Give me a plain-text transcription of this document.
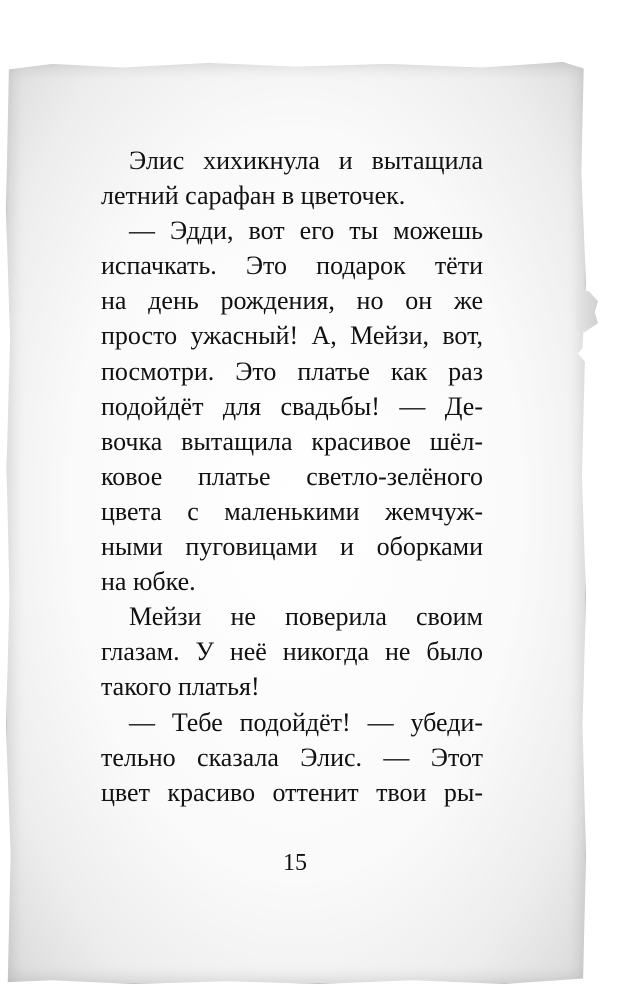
Элис хихикнула и вытащила
летний сарафан в цветочек.
— Эдди, вот его ты можешь
испачкать. Это подарок тёти
на день рождения, но он же
просто ужасный! А, Мейзи, вот,
посмотри. Это платье как раз
подойдёт для свадьбы! — Де-
вочка вытащила красивое шёл-
ковое платье светло-зелёного
цвета с маленькими жемчуж-
ными пуговицами и оборками
на юбке.
Мейзи не поверила своим
глазам. У неё никогда не было
такого платья!
— Тебе подойдёт! — убеди-
тельно сказала Элис. — Этот
цвет красиво оттенит твои ры-
15
